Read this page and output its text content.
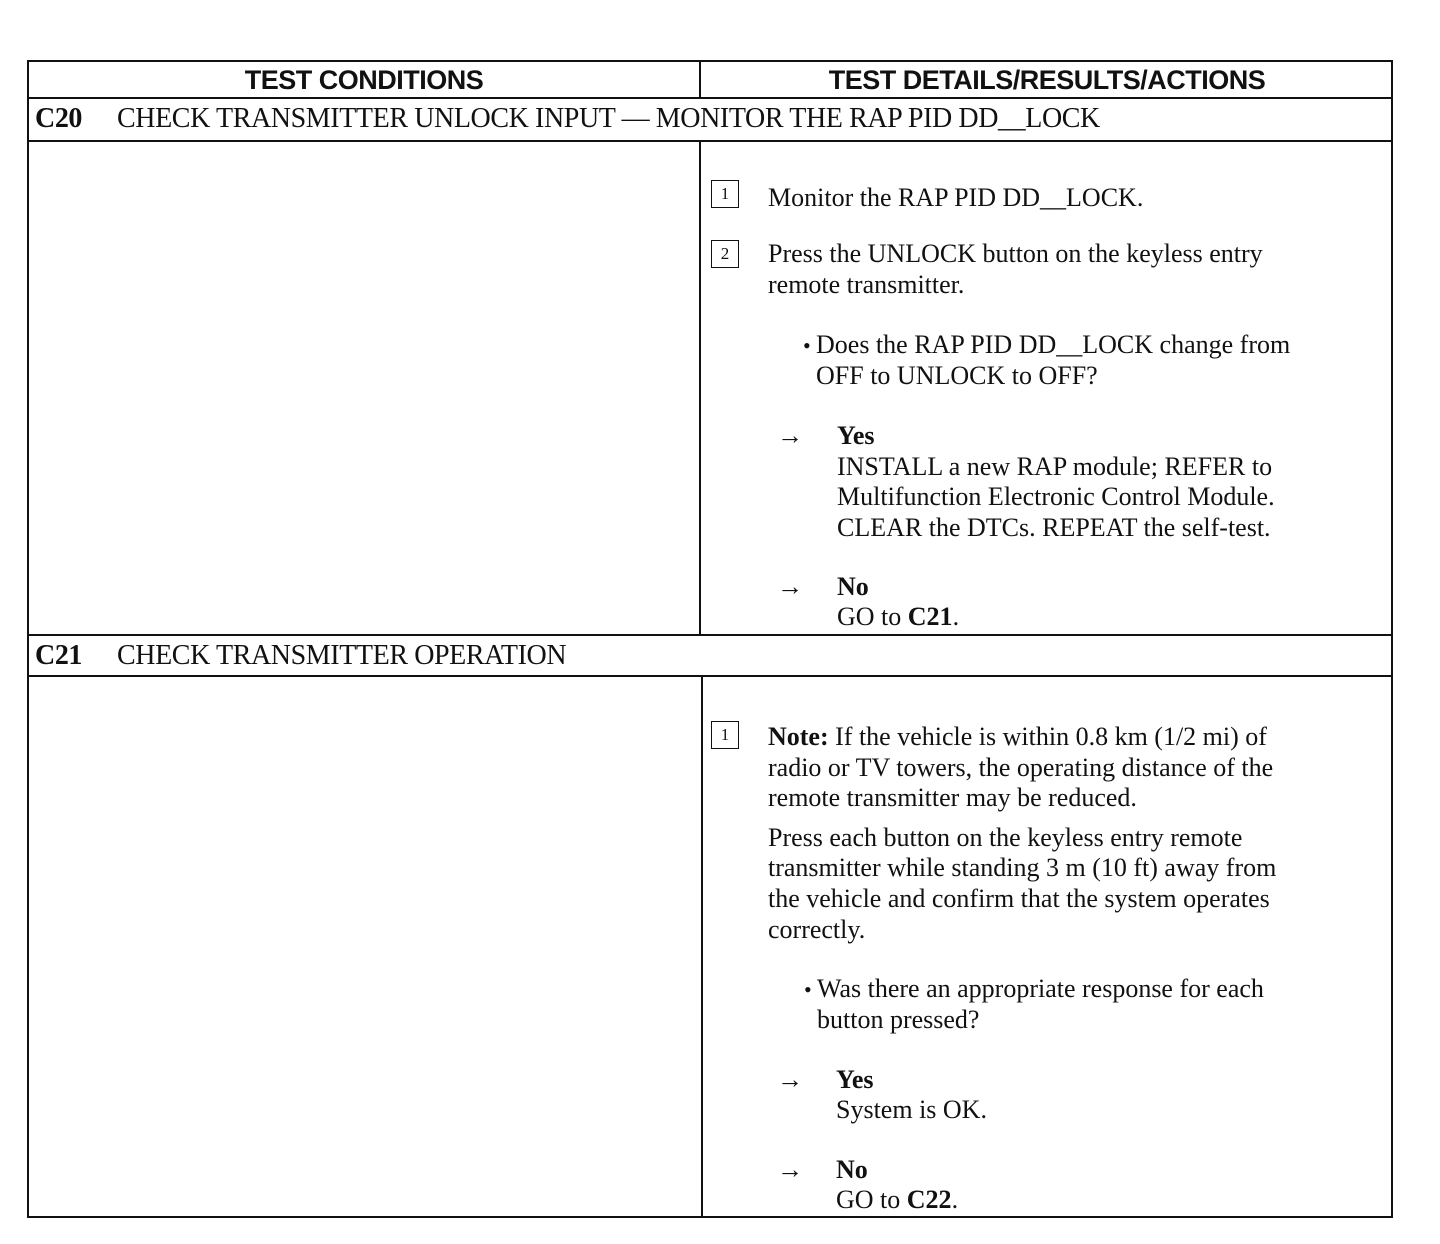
TEST CONDITIONS	TEST DETAILS/RESULTS/ACTIONS
C20 CHECK TRANSMITTER UNLOCK INPUT — MONITOR THE RAP PID DD__LOCK
1	Monitor the RAP PID DD__LOCK.
2	Press the UNLOCK button on the keyless entry
remote transmitter.
• Does the RAP PID DD__LOCK change from
OFF to UNLOCK to OFF?
→ Yes
INSTALL a new RAP module; REFER to
Multifunction Electronic Control Module.
CLEAR the DTCs. REPEAT the self-test.
→ No
GO to C21.
C21 CHECK TRANSMITTER OPERATION
1	Note: If the vehicle is within 0.8 km (1/2 mi) of
radio or TV towers, the operating distance of the
remote transmitter may be reduced.
Press each button on the keyless entry remote
transmitter while standing 3 m (10 ft) away from
the vehicle and confirm that the system operates
correctly.
• Was there an appropriate response for each
button pressed?
→ Yes
System is OK.
→ No
GO to C22.
